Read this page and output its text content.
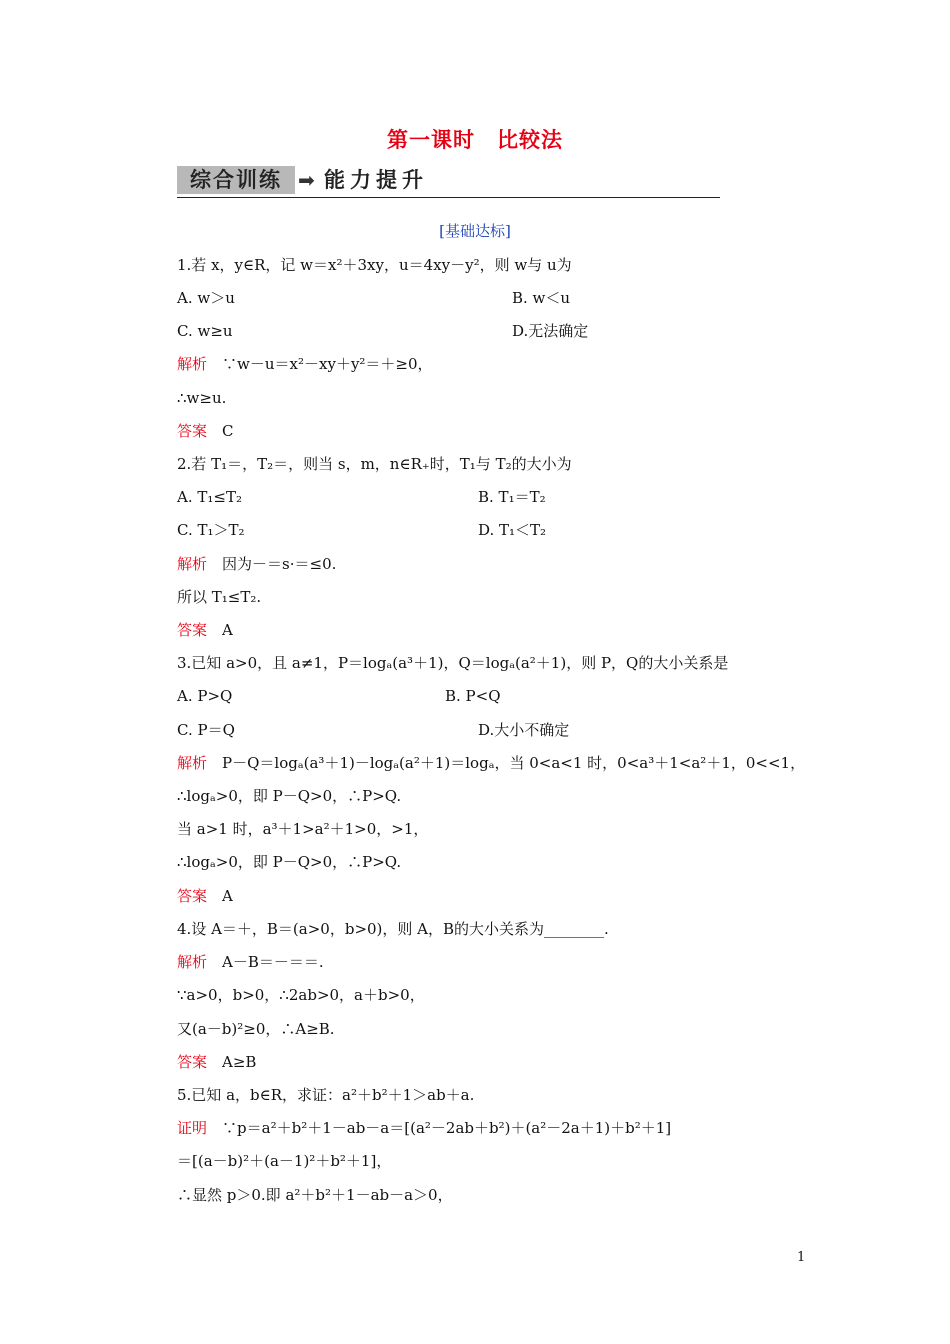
第一课时　比较法
综合训练 ➡ 能力提升
[基础达标]
1.若 x，y∈R，记 w＝x²＋3xy，u＝4xy－y²，则 w与 u为
A. w＞u	B. w＜u
C. w≥u	D.无法确定
解析　 ∵w－u＝x²－xy＋y²＝＋≥0，
∴w≥u.
答案　 C
2.若 T₁＝，T₂＝，则当 s，m，n∈R₊时，T₁与 T₂的大小为
A. T₁≤T₂	B. T₁＝T₂
C. T₁＞T₂	D. T₁＜T₂
解析　 因为－＝s·＝≤0.
所以 T₁≤T₂.
答案　 A
3.已知 a>0，且 a≠1，P＝logₐ(a³＋1)，Q＝logₐ(a²＋1)，则 P，Q的大小关系是
A. P>Q	B. P<Q
C. P＝Q	D.大小不确定
解析　 P－Q＝logₐ(a³＋1)－logₐ(a²＋1)＝logₐ，当 0<a<1 时，0<a³＋1<a²＋1，0<<1，
∴logₐ>0，即 P－Q>0，∴P>Q.
当 a>1 时，a³＋1>a²＋1>0，>1，
∴logₐ>0，即 P－Q>0，∴P>Q.
答案　 A
4.设 A＝＋，B＝(a>0，b>0)，则 A，B的大小关系为________.
解析　 A－B＝－＝＝.
∵a>0，b>0，∴2ab>0，a＋b>0，
又(a－b)²≥0，∴A≥B.
答案　 A≥B
5.已知 a，b∈R，求证：a²＋b²＋1＞ab＋a.
证明　 ∵p＝a²＋b²＋1－ab－a＝[(a²－2ab＋b²)＋(a²－2a＋1)＋b²＋1]
＝[(a－b)²＋(a－1)²＋b²＋1]，
∴显然 p＞0.即 a²＋b²＋1－ab－a＞0，
1
